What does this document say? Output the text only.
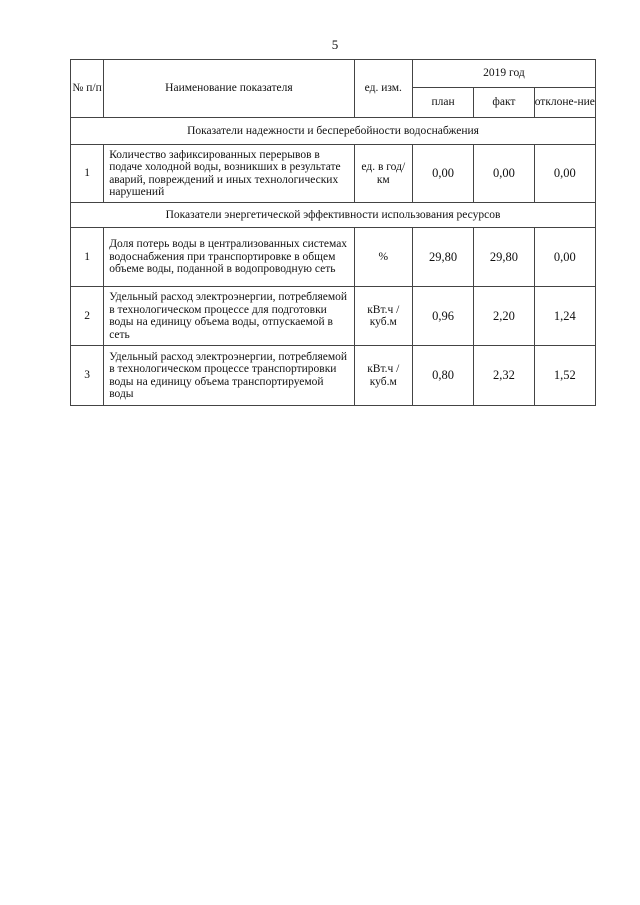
5
№ п/п	Наименование показателя	ед. изм.	2019 год		
			план	факт	отклоне-ние
Показатели надежности и бесперебойности водоснабжения					
1	Количество зафиксированных перерывов в подаче холодной воды, возникших в результате аварий, повреждений и иных технологических нарушений	ед. в год/ км	0,00	0,00	0,00
Показатели энергетической эффективности использования ресурсов					
1	Доля потерь воды в централизованных системах водоснабжения при транспортировке в общем объеме воды, поданной в водопроводную сеть	%	29,80	29,80	0,00
2	Удельный расход электроэнергии, потребляемой в технологическом процессе для подготовки воды на единицу объема воды, отпускаемой в сеть	кВт.ч / куб.м	0,96	2,20	1,24
3	Удельный расход электроэнергии, потребляемой в технологическом процессе транспортировки воды на единицу объема транспортируемой воды	кВт.ч / куб.м	0,80	2,32	1,52
